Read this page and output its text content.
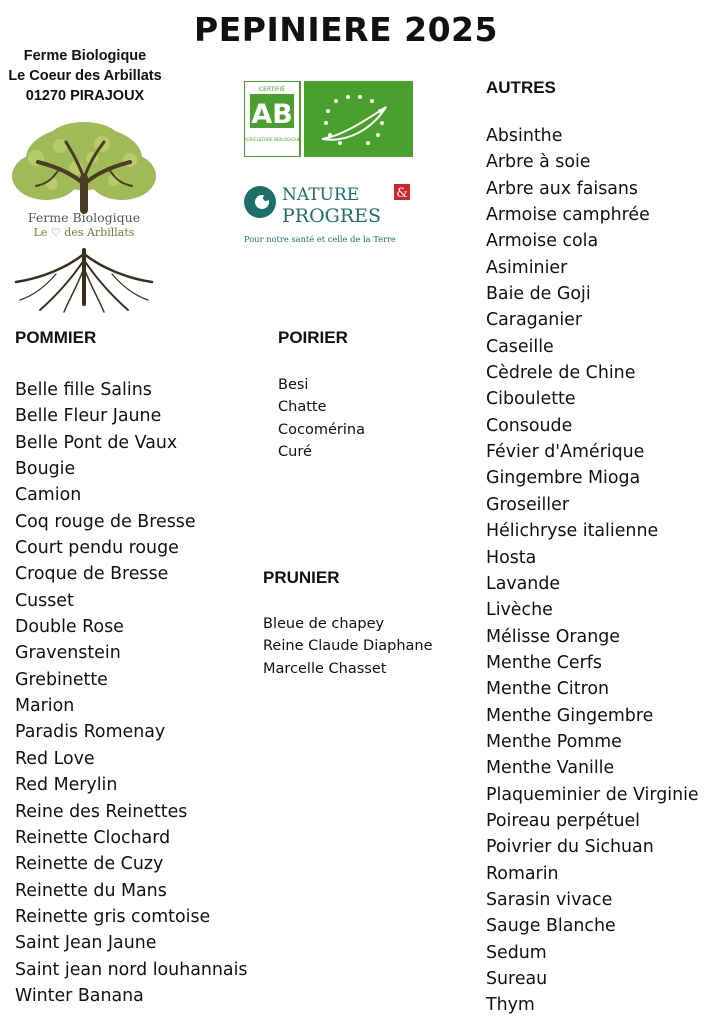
PEPINIERE 2025
Ferme Biologique
Le Coeur des Arbillats
01270 PIRAJOUX
Ferme Biologique
Le ♡ des Arbillats
CERTIFIÉ
AB
AGRICULTURE BIOLOGIQUE
NATURE	&
PROGRES
Pour notre santé et celle de la Terre
POMMIER
Belle fille Salins
Belle Fleur Jaune
Belle Pont de Vaux
Bougie
Camion
Coq rouge de Bresse
Court pendu rouge
Croque de Bresse
Cusset
Double Rose
Gravenstein
Grebinette
Marion
Paradis Romenay
Red Love
Red Merylin
Reine des Reinettes
Reinette Clochard
Reinette de Cuzy
Reinette du Mans
Reinette gris comtoise
Saint Jean Jaune
Saint jean nord louhannais
Winter Banana
POIRIER
Besi
Chatte
Cocomérina
Curé
PRUNIER
Bleue de chapey
Reine Claude Diaphane
Marcelle Chasset
AUTRES
Absinthe
Arbre à soie
Arbre aux faisans
Armoise camphrée
Armoise cola
Asiminier
Baie de Goji
Caraganier
Caseille
Cèdrele de Chine
Ciboulette
Consoude
Févier d'Amérique
Gingembre Mioga
Groseiller
Hélichryse italienne
Hosta
Lavande
Livèche
Mélisse Orange
Menthe Cerfs
Menthe Citron
Menthe Gingembre
Menthe Pomme
Menthe Vanille
Plaqueminier de Virginie
Poireau perpétuel
Poivrier du Sichuan
Romarin
Sarasin vivace
Sauge Blanche
Sedum
Sureau
Thym
